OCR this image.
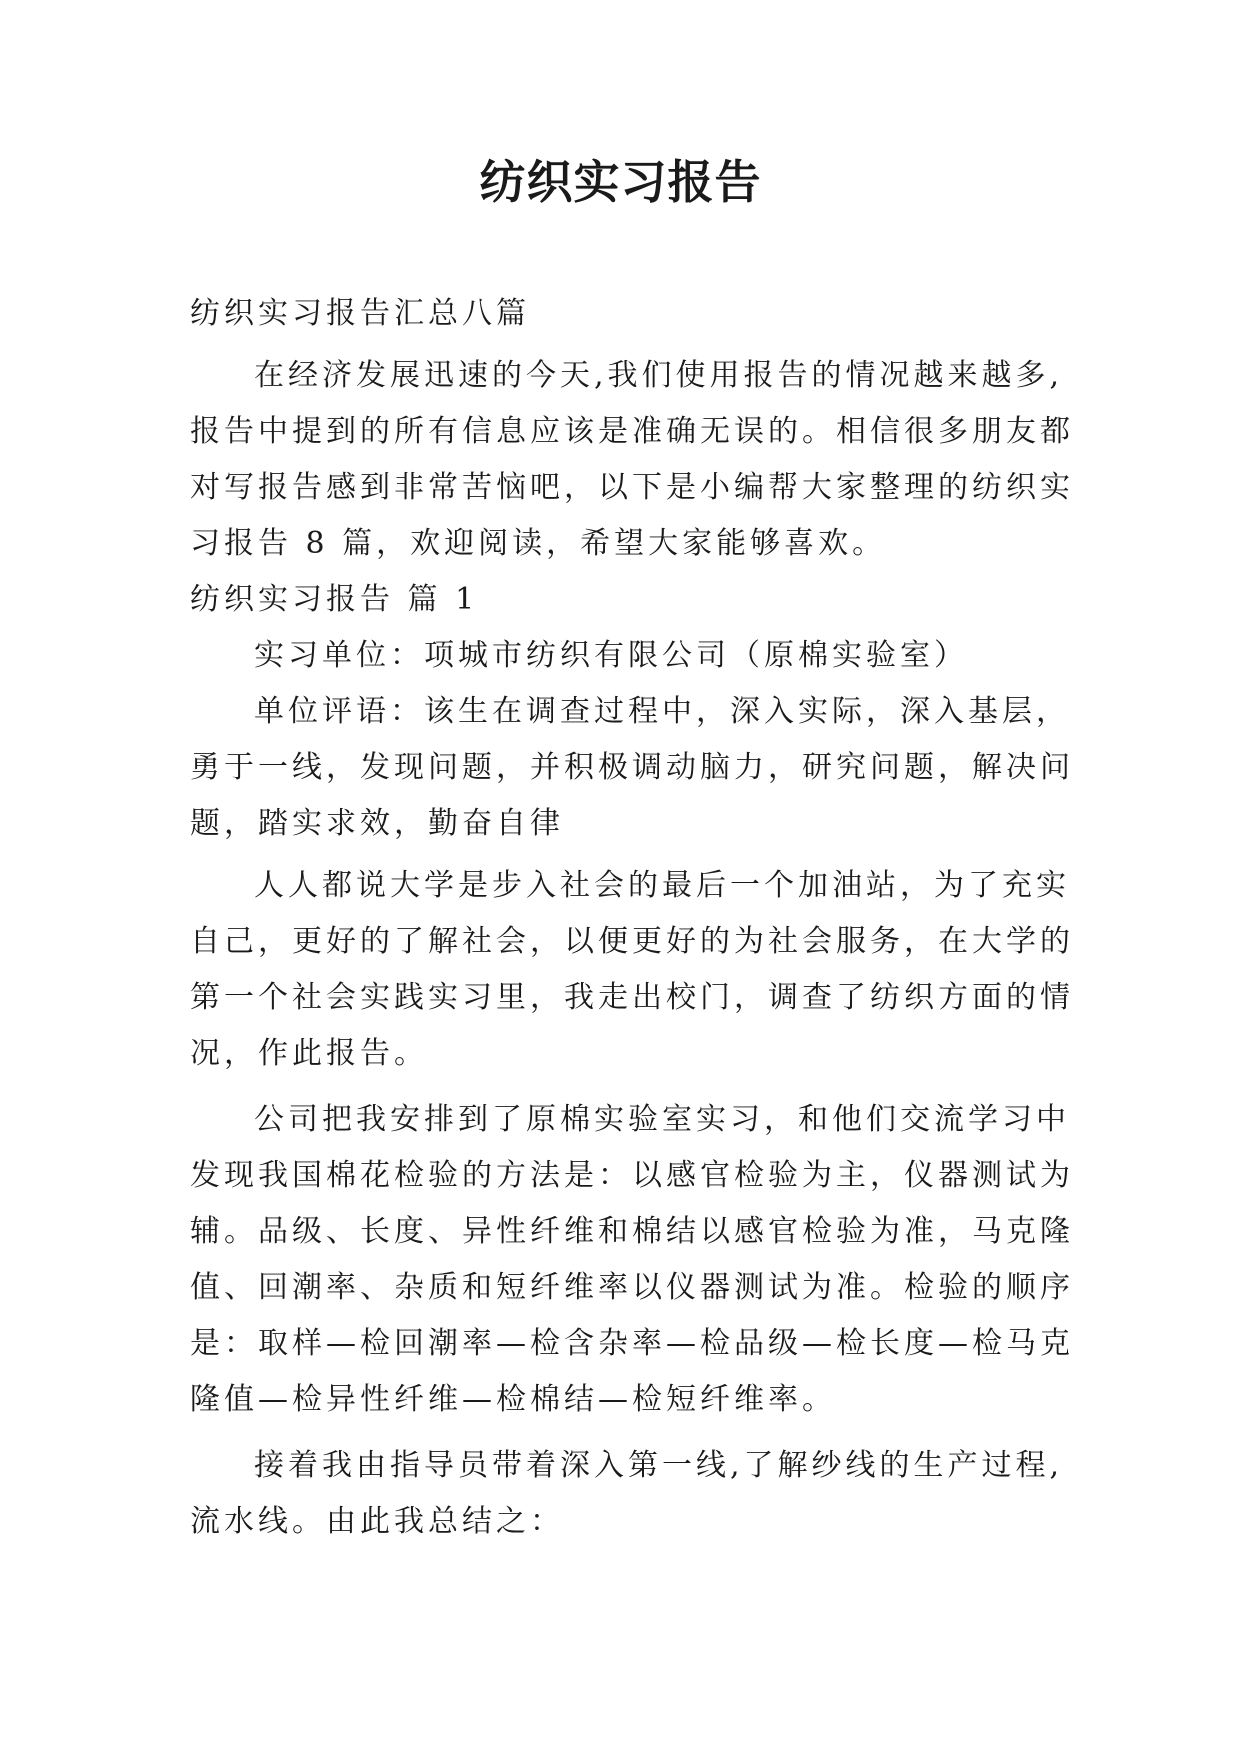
纺织实习报告
纺织实习报告汇总八篇
在经济发展迅速的今天,我们使用报告的情况越来越多,
报告中提到的所有信息应该是准确无误的。相信很多朋友都
对写报告感到非常苦恼吧，以下是小编帮大家整理的纺织实
习报告 8 篇，欢迎阅读，希望大家能够喜欢。
纺织实习报告 篇 1
实习单位：项城市纺织有限公司（原棉实验室）
单位评语：该生在调查过程中，深入实际，深入基层，
勇于一线，发现问题，并积极调动脑力，研究问题，解决问
题，踏实求效，勤奋自律
人人都说大学是步入社会的最后一个加油站，为了充实
自己，更好的了解社会，以便更好的为社会服务，在大学的
第一个社会实践实习里，我走出校门，调查了纺织方面的情
况，作此报告。
公司把我安排到了原棉实验室实习，和他们交流学习中
发现我国棉花检验的方法是：以感官检验为主，仪器测试为
辅。品级、长度、异性纤维和棉结以感官检验为准，马克隆
值、回潮率、杂质和短纤维率以仪器测试为准。检验的顺序
是：取样—检回潮率—检含杂率—检品级—检长度—检马克
隆值—检异性纤维—检棉结—检短纤维率。
接着我由指导员带着深入第一线,了解纱线的生产过程,
流水线。由此我总结之：
